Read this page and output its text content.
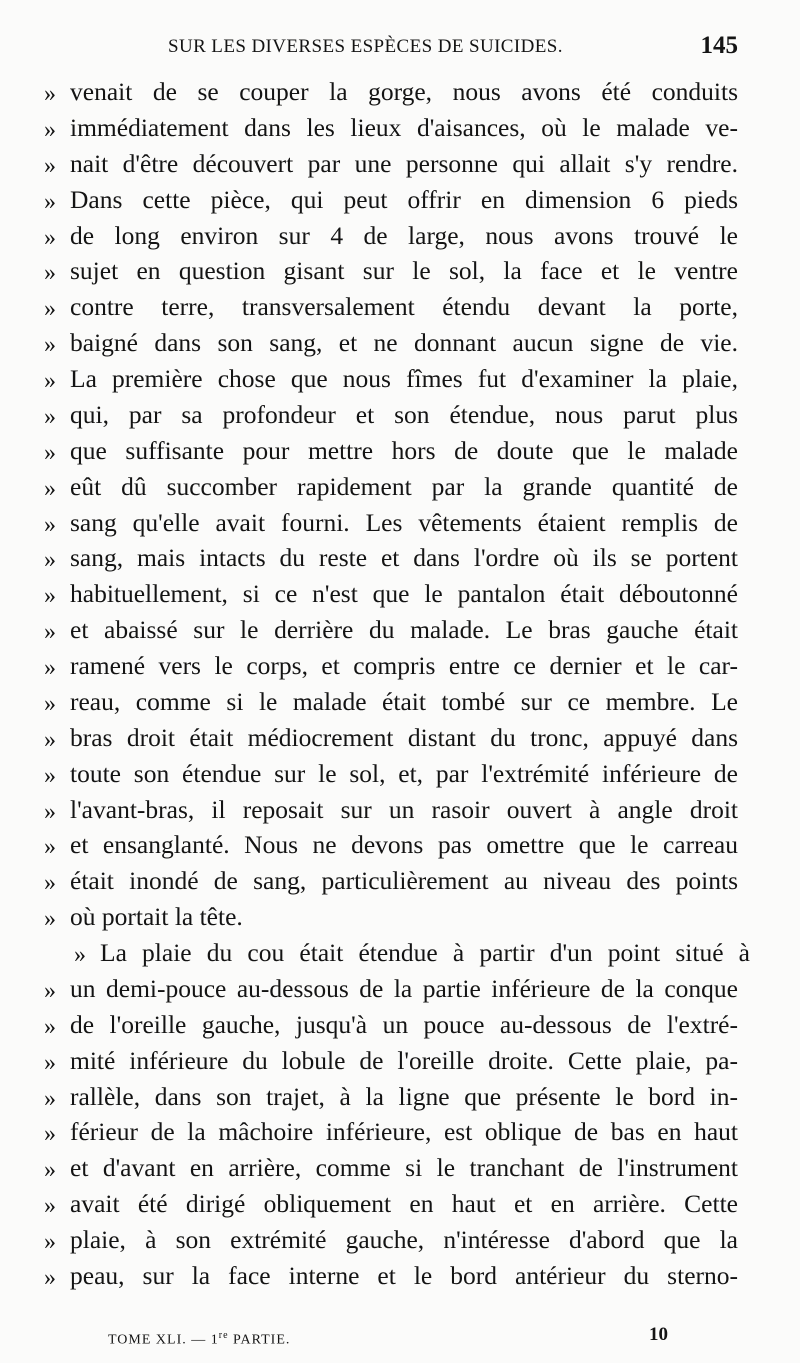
SUR LES DIVERSES ESPÈCES DE SUICIDES.	145
» venait de se couper la gorge, nous avons été conduits
» immédiatement dans les lieux d'aisances, où le malade ve-
» nait d'être découvert par une personne qui allait s'y rendre.
» Dans cette pièce, qui peut offrir en dimension 6 pieds
» de long environ sur 4 de large, nous avons trouvé le
» sujet en question gisant sur le sol, la face et le ventre
» contre terre, transversalement étendu devant la porte,
» baigné dans son sang, et ne donnant aucun signe de vie.
» La première chose que nous fîmes fut d'examiner la plaie,
» qui, par sa profondeur et son étendue, nous parut plus
» que suffisante pour mettre hors de doute que le malade
» eût dû succomber rapidement par la grande quantité de
» sang qu'elle avait fourni. Les vêtements étaient remplis de
» sang, mais intacts du reste et dans l'ordre où ils se portent
» habituellement, si ce n'est que le pantalon était déboutonné
» et abaissé sur le derrière du malade. Le bras gauche était
» ramené vers le corps, et compris entre ce dernier et le car-
» reau, comme si le malade était tombé sur ce membre. Le
» bras droit était médiocrement distant du tronc, appuyé dans
» toute son étendue sur le sol, et, par l'extrémité inférieure de
» l'avant-bras, il reposait sur un rasoir ouvert à angle droit
» et ensanglanté. Nous ne devons pas omettre que le carreau
» était inondé de sang, particulièrement au niveau des points
» où portait la tête.
» La plaie du cou était étendue à partir d'un point situé à
» un demi-pouce au-dessous de la partie inférieure de la conque
» de l'oreille gauche, jusqu'à un pouce au-dessous de l'extré-
» mité inférieure du lobule de l'oreille droite. Cette plaie, pa-
» rallèle, dans son trajet, à la ligne que présente le bord in-
» férieur de la mâchoire inférieure, est oblique de bas en haut
» et d'avant en arrière, comme si le tranchant de l'instrument
» avait été dirigé obliquement en haut et en arrière. Cette
» plaie, à son extrémité gauche, n'intéresse d'abord que la
» peau, sur la face interne et le bord antérieur du sterno-
TOME XLI. — 1re PARTIE.	10
